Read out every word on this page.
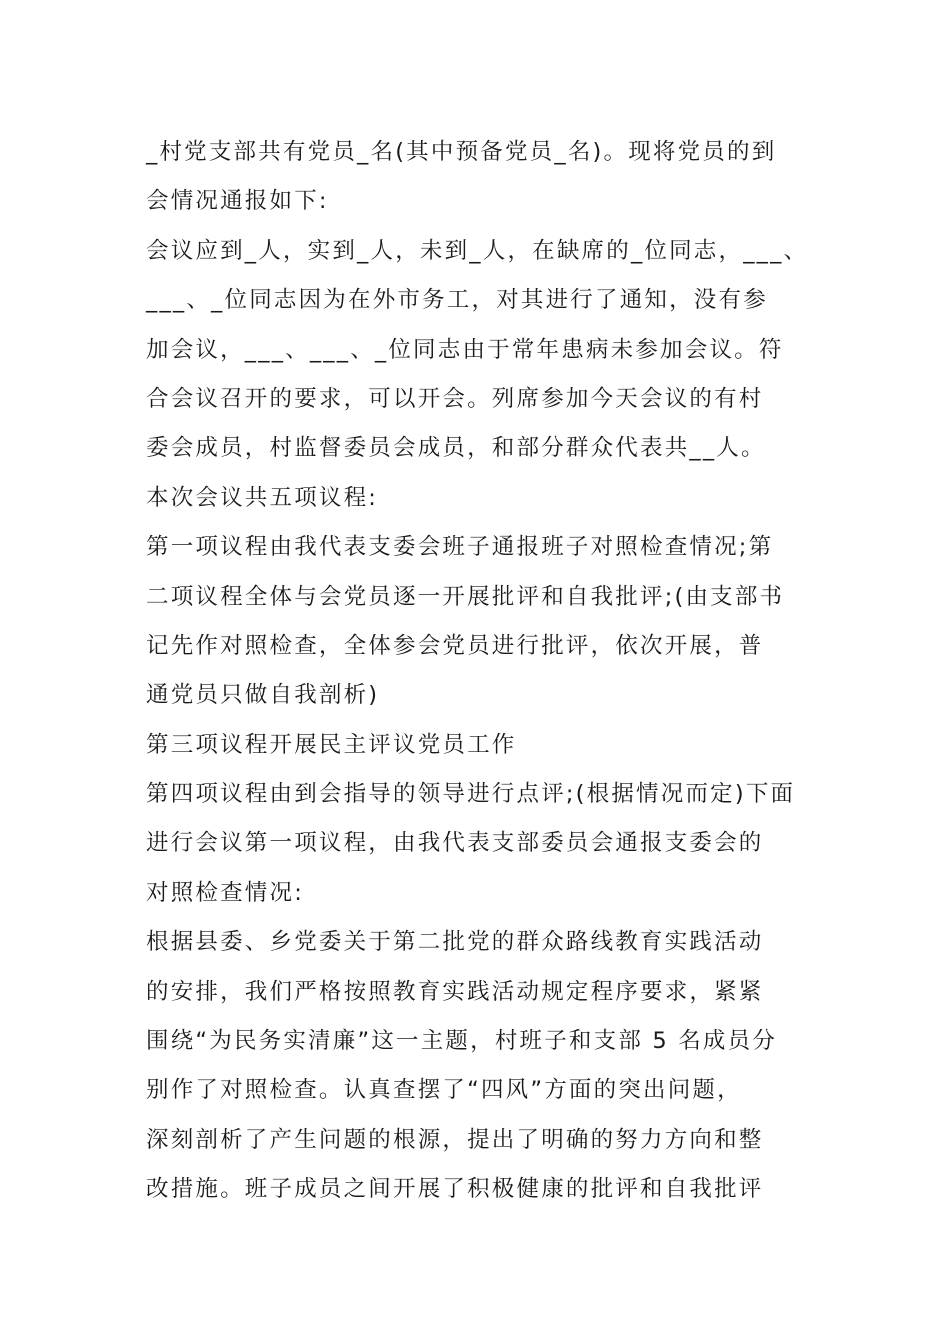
_村党支部共有党员_名(其中预备党员_名)。现将党员的到
会情况通报如下:
会议应到_人，实到_人，未到_人，在缺席的_位同志，___、
___、_位同志因为在外市务工，对其进行了通知，没有参
加会议，___、___、_位同志由于常年患病未参加会议。符
合会议召开的要求，可以开会。列席参加今天会议的有村
委会成员，村监督委员会成员，和部分群众代表共__人。
本次会议共五项议程:
第一项议程由我代表支委会班子通报班子对照检查情况;第
二项议程全体与会党员逐一开展批评和自我批评;(由支部书
记先作对照检查，全体参会党员进行批评，依次开展，普
通党员只做自我剖析)
第三项议程开展民主评议党员工作
第四项议程由到会指导的领导进行点评;(根据情况而定)下面
进行会议第一项议程，由我代表支部委员会通报支委会的
对照检查情况:
根据县委、乡党委关于第二批党的群众路线教育实践活动
的安排，我们严格按照教育实践活动规定程序要求，紧紧
围绕“为民务实清廉”这一主题，村班子和支部 5 名成员分
别作了对照检查。认真查摆了“四风”方面的突出问题，
深刻剖析了产生问题的根源，提出了明确的努力方向和整
改措施。班子成员之间开展了积极健康的批评和自我批评
